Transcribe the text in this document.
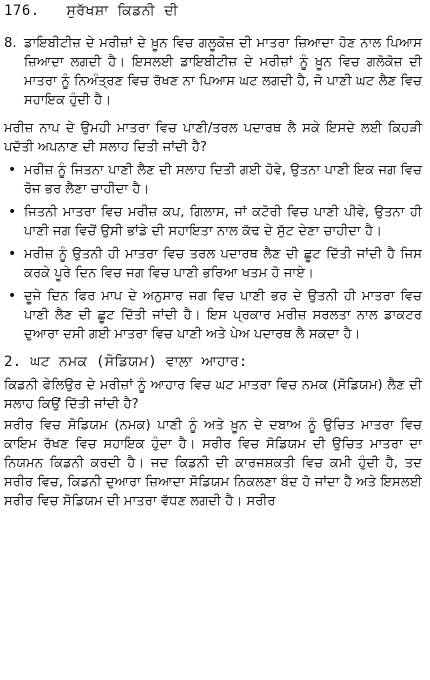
176. ਸੁਰੱਖਸ਼ਾ ਕਿਡਨੀ ਦੀ
8. ਡਾਇਬੀਟੀਜ਼ ਦੇ ਮਰੀਜ਼ਾਂ ਦੇ ਖ਼ੂਨ ਵਿਚ ਗਲੂਕੋਜ਼ ਦੀ ਮਾਤਰਾ ਜ਼ਿਆਦਾ ਹੋਣ ਨਾਲ ਪਿਆਸ ਜ਼ਿਆਦਾ ਲਗਦੀ ਹੈ। ਇਸਲਈ ਡਾਇਬੀਟੀਜ਼ ਦੇ ਮਰੀਜ਼ਾਂ ਨੂੰ ਖ਼ੂਨ ਵਿਚ ਗਲੋਕੋਜ਼ ਦੀ ਮਾਤਰਾ ਨੂੰ ਨਿਅੰਤ੍ਰਣ ਵਿਚ ਰੱਖਣ ਨਾ ਪਿਆਸ ਘਟ ਲਗਦੀ ਹੈ, ਜੋ ਪਾਣੀ ਘਟ ਲੈਣ ਵਿਚ ਸਹਾਇਕ ਹੁੰਦੀ ਹੈ।

ਮਰੀਜ਼ ਨਾਪ ਦੇ ਉਮਹੀ ਮਾਤਰਾ ਵਿਚ ਪਾਣੀ/ਤਰਲ ਪਦਾਰਥ ਲੈ ਸਕੇ ਇਸਦੇ ਲਈ ਕਿਹੜੀ ਪਦੱਤੀ ਅਪਨਾਣ ਦੀ ਸਲਾਹ ਦਿਤੀ ਜਾਂਦੀ ਹੈ?

• ਮਰੀਜ਼ ਨੂੰ ਜਿਤਨਾ ਪਾਣੀ ਲੈਣ ਦੀ ਸਲਾਹ ਦਿਤੀ ਗਈ ਹੋਵੇ, ਉਤਨਾ ਪਾਣੀ ਇਕ ਜਗ ਵਿਚ ਰੋਜ ਭਰ ਲੈਣਾ ਚਾਹੀਦਾ ਹੈ।

• ਜਿਤਨੀ ਮਾਤਰਾ ਵਿਚ ਮਰੀਜ਼ ਕਪ, ਗਿਲਾਸ, ਜਾਂ ਕਟੋਰੀ ਵਿਚ ਪਾਣੀ ਪੀਵੇ, ਉਤਨਾ ਹੀ ਪਾਣੀ ਜਗ ਵਿਚੋਂ ਉਸੀ ਭਾਂਡੇ ਦੀ ਸਹਾਇਤਾ ਨਾਲ ਕੱਢ ਦੇ ਸੁੱਟ ਦੇਣਾ ਚਾਹੀਦਾ ਹੈ।

• ਮਰੀਜ਼ ਨੂੰ ਉਤਨੀ ਹੀ ਮਾਤਰਾ ਵਿਚ ਤਰਲ ਪਦਾਰਥ ਲੈਣ ਦੀ ਛੂਟ ਦਿੱਤੀ ਜਾਂਦੀ ਹੈ ਜਿਸ ਕਰਕੇ ਪੂਰੇ ਦਿਨ ਵਿਚ ਜਗ ਵਿਚ ਪਾਣੀ ਭਰਿਆ ਖਤਮ ਹੋ ਜਾਏ।

• ਦੂਜੇ ਦਿਨ ਫਿਰ ਮਾਪ ਦੇ ਅਨੁਸਾਰ ਜਗ ਵਿਚ ਪਾਣੀ ਭਰ ਦੇ ਉਤਨੀ ਹੀ ਮਾਤਰਾ ਵਿਚ ਪਾਣੀ ਲੈਣ ਦੀ ਛੂਟ ਦਿੱਤੀ ਜਾਂਦੀ ਹੈ। ਇਸ ਪ੍ਰਕਾਰ ਮਰੀਜ਼ ਸਰਲਤਾ ਨਾਲ ਡਾਕਟਰ ਦੁਆਰਾ ਦਸੀ ਗਈ ਮਾਤਰਾ ਵਿਚ ਪਾਣੀ ਅਤੇ ਪੇਅ ਪਦਾਰਥ ਲੈ ਸਕਦਾ ਹੈ।

2. ਘਟ ਨਮਕ (ਸੋਡਿਯਮ) ਵਾਲਾ ਆਹਾਰ:

ਕਿਡਨੀ ਫੇਲਿਉਰ ਦੇ ਮਰੀਜ਼ਾਂ ਨੂੰ ਆਹਾਰ ਵਿਚ ਘਟ ਮਾਤਰਾ ਵਿਚ ਨਮਕ (ਸੋਡਿਯਮ) ਲੈਣ ਦੀ ਸਲਾਹ ਕਿਉਂ ਦਿੱਤੀ ਜਾਂਦੀ ਹੈ?

ਸਰੀਰ ਵਿਚ ਸੋਡਿਯਮ (ਨਮਕ) ਪਾਣੀ ਨੂੰ ਅਤੇ ਖ਼ੂਨ ਦੇ ਦਬਾਅ ਨੂੰ ਉਚਿਤ ਮਾਤਰਾ ਵਿਚ ਕਾਇਮ ਰੱਖਣ ਵਿਚ ਸਹਾਇਕ ਹੁੰਦਾ ਹੈ। ਸਰੀਰ ਵਿਚ ਸੋਡਿਯਮ ਦੀ ਉਚਿਤ ਮਾਤਰਾ ਦਾ ਨਿਯਮਨ ਕਿਡਨੀ ਕਰਦੀ ਹੈ। ਜਦ ਕਿਡਨੀ ਦੀ ਕਾਰਜਸ਼ਕਤੀ ਵਿਚ ਕਮੀ ਹੁੰਦੀ ਹੈ, ਤਦ ਸਰੀਰ ਵਿਚ, ਕਿਡਨੀ ਦੁਆਰਾ ਜ਼ਿਆਦਾ ਸੋਡਿਯਮ ਨਿਕਲਣਾ ਬੰਦ ਹੋ ਜਾਂਦਾ ਹੈ ਅਤੇ ਇਸਲਈ ਸਰੀਰ ਵਿਚ ਸੋਡਿਯਮ ਦੀ ਮਾਤਰਾ ਵੱਧਣ ਲਗਦੀ ਹੈ। ਸਰੀਰ
